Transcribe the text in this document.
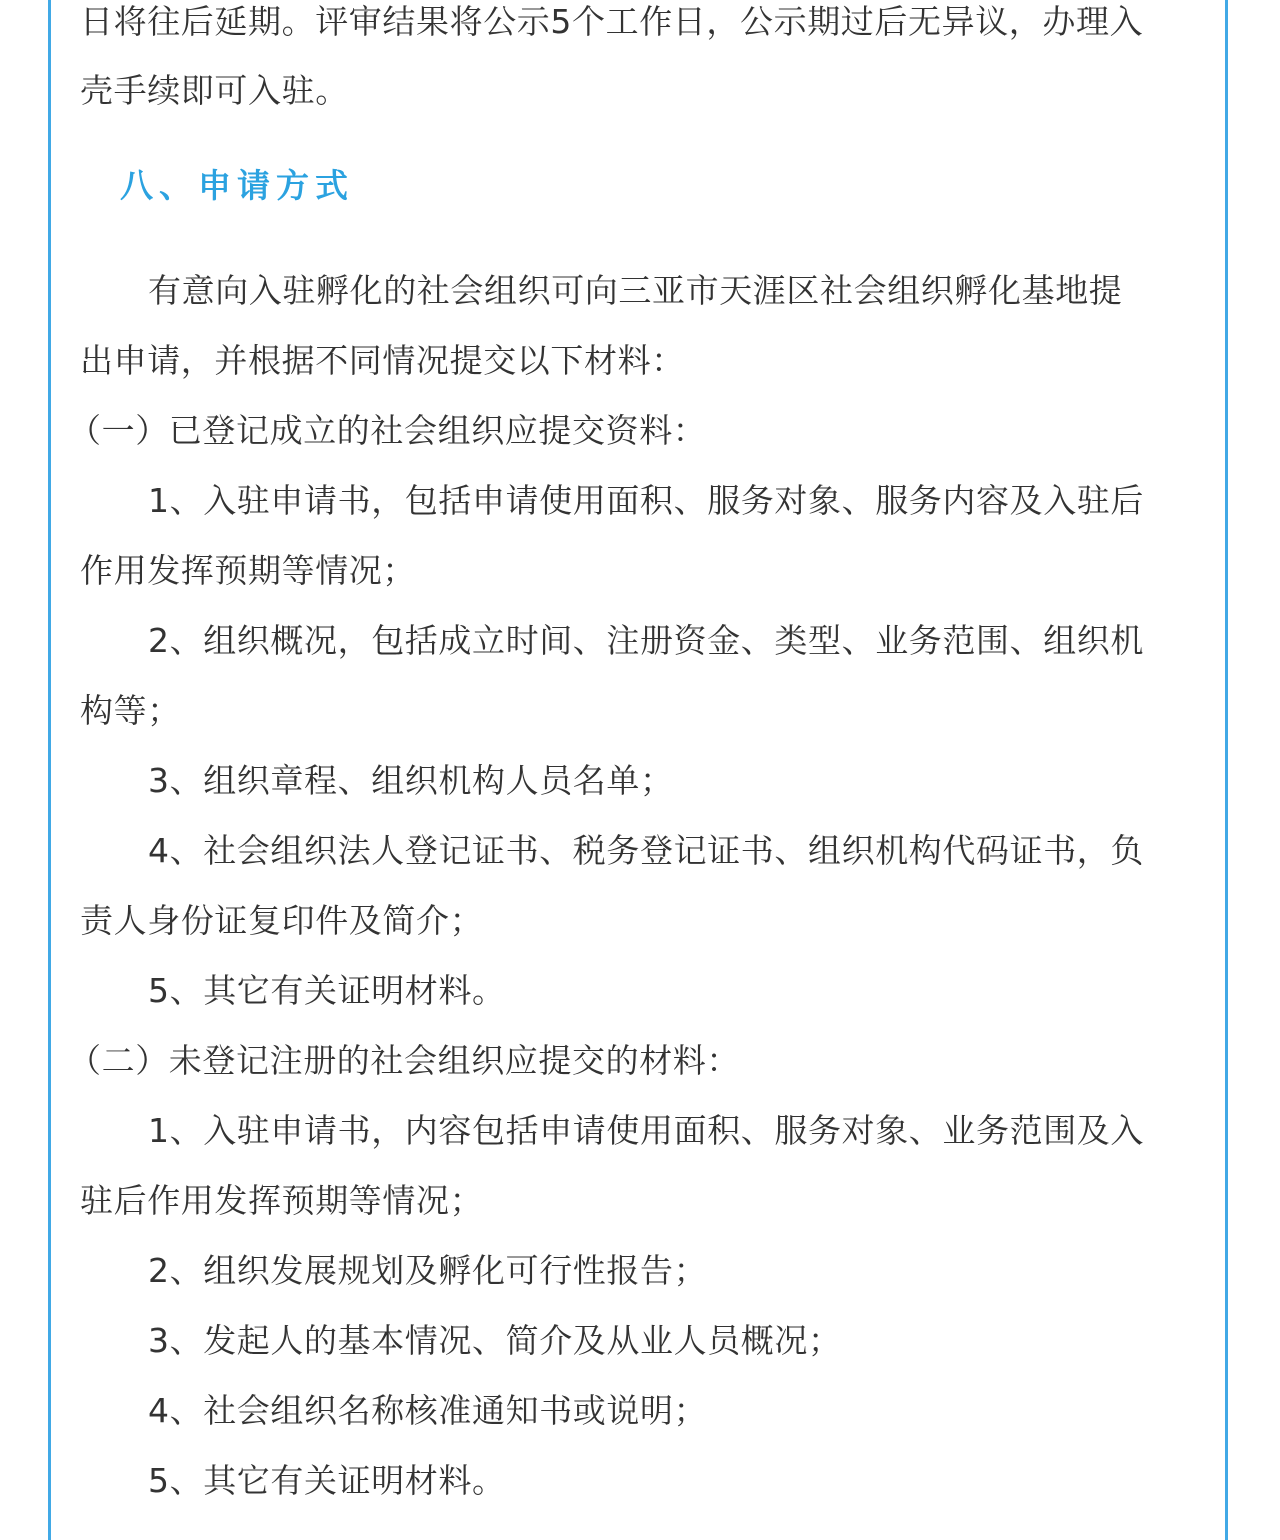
日将往后延期。评审结果将公示5个工作日，公示期过后无异议，办理入

壳手续即可入驻。

八、申请方式

有意向入驻孵化的社会组织可向三亚市天涯区社会组织孵化基地提

出申请，并根据不同情况提交以下材料：

（一）已登记成立的社会组织应提交资料：

1、入驻申请书，包括申请使用面积、服务对象、服务内容及入驻后

作用发挥预期等情况；

2、组织概况，包括成立时间、注册资金、类型、业务范围、组织机

构等；

3、组织章程、组织机构人员名单；

4、社会组织法人登记证书、税务登记证书、组织机构代码证书，负

责人身份证复印件及简介；

5、其它有关证明材料。

（二）未登记注册的社会组织应提交的材料：

1、入驻申请书，内容包括申请使用面积、服务对象、业务范围及入

驻后作用发挥预期等情况；

2、组织发展规划及孵化可行性报告；

3、发起人的基本情况、简介及从业人员概况；

4、社会组织名称核准通知书或说明；

5、其它有关证明材料。
